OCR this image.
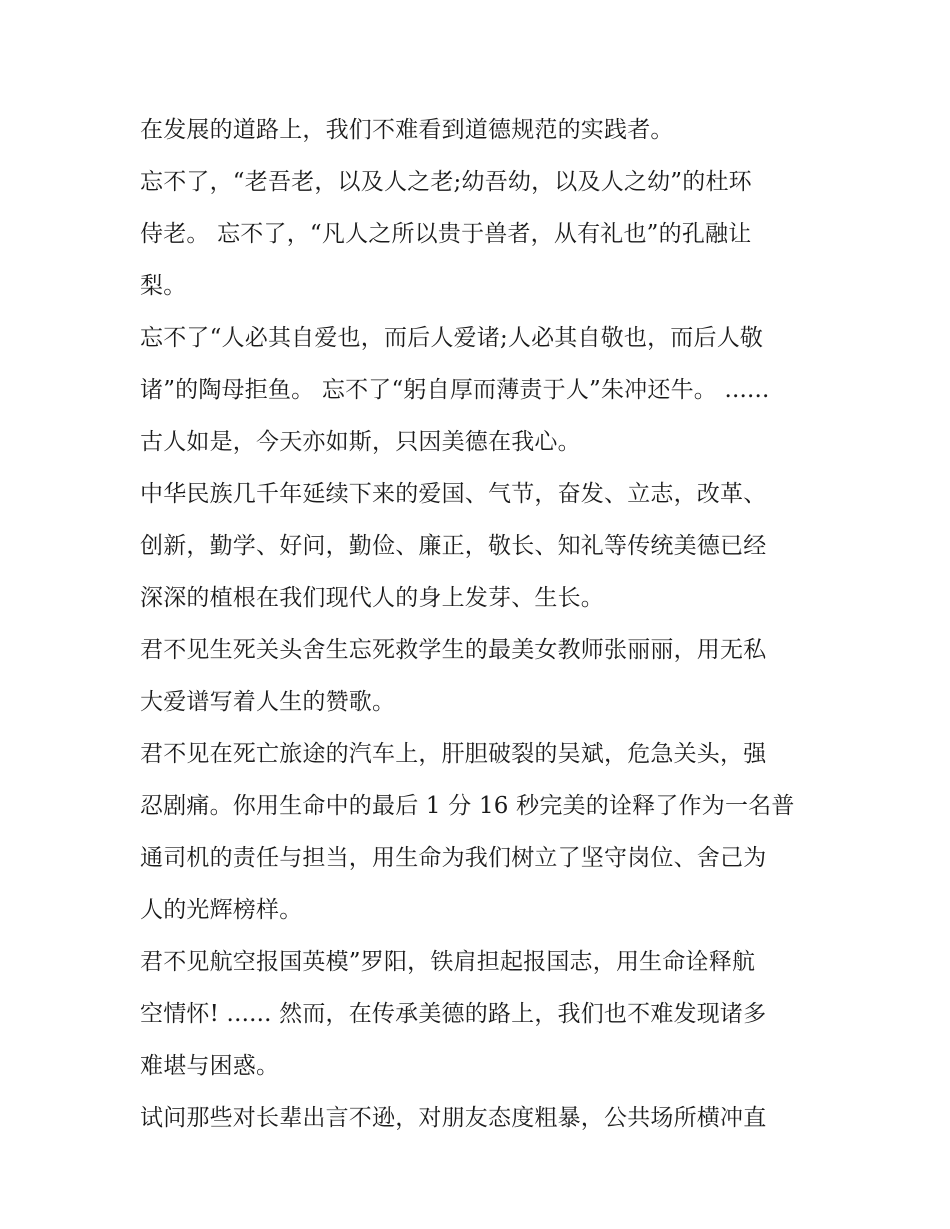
在发展的道路上，我们不难看到道德规范的实践者。
忘不了，“老吾老，以及人之老;幼吾幼，以及人之幼”的杜环
侍老。 忘不了，“凡人之所以贵于兽者，从有礼也”的孔融让
梨。
忘不了“人必其自爱也，而后人爱诸;人必其自敬也，而后人敬
诸”的陶母拒鱼。 忘不了“躬自厚而薄责于人”朱冲还牛。 ......
古人如是，今天亦如斯，只因美德在我心。
中华民族几千年延续下来的爱国、气节，奋发、立志，改革、
创新，勤学、好问，勤俭、廉正，敬长、知礼等传统美德已经
深深的植根在我们现代人的身上发芽、生长。
君不见生死关头舍生忘死救学生的最美女教师张丽丽，用无私
大爱谱写着人生的赞歌。
君不见在死亡旅途的汽车上，肝胆破裂的吴斌，危急关头，强
忍剧痛。你用生命中的最后 1 分 16 秒完美的诠释了作为一名普
通司机的责任与担当，用生命为我们树立了坚守岗位、舍己为
人的光辉榜样。
君不见航空报国英模”罗阳，铁肩担起报国志，用生命诠释航
空情怀! ...... 然而，在传承美德的路上，我们也不难发现诸多
难堪与困惑。
试问那些对长辈出言不逊，对朋友态度粗暴，公共场所横冲直
